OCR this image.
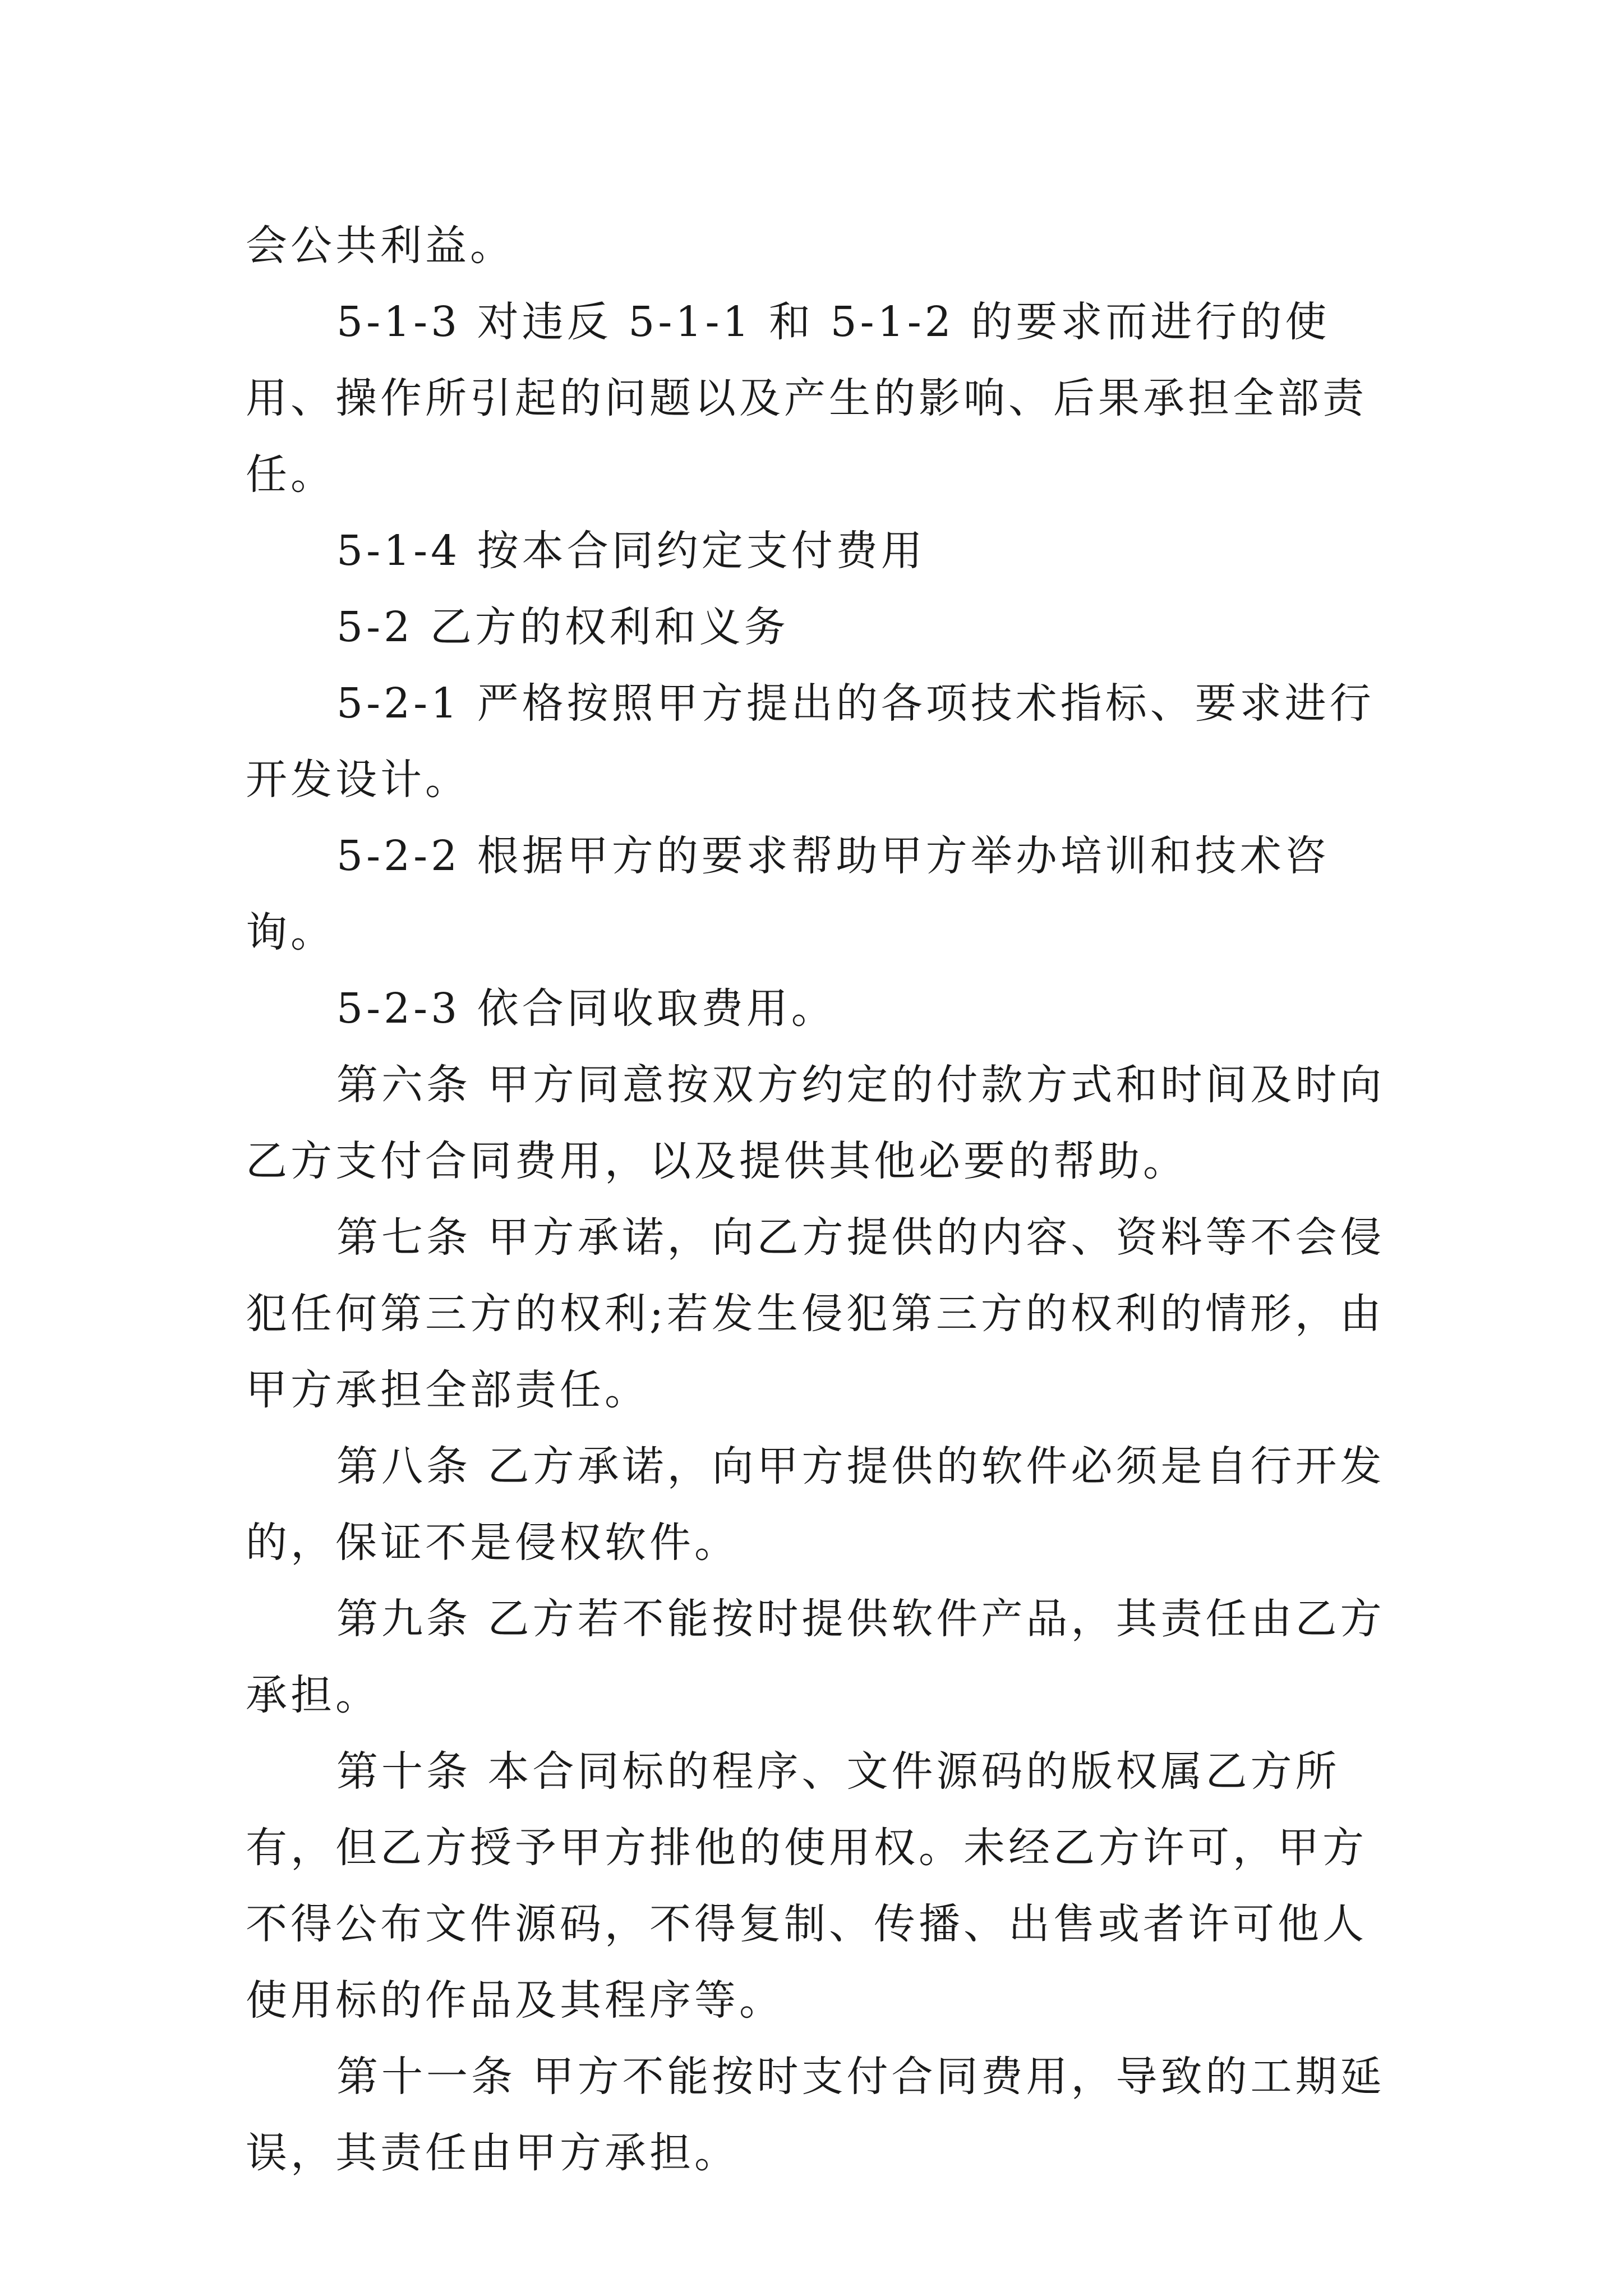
会公共利益。

5-1-3 对违反 5-1-1 和 5-1-2 的要求而进行的使用、操作所引起的问题以及产生的影响、后果承担全部责任。

5-1-4 按本合同约定支付费用

5-2 乙方的权利和义务

5-2-1 严格按照甲方提出的各项技术指标、要求进行开发设计。

5-2-2 根据甲方的要求帮助甲方举办培训和技术咨询。

5-2-3 依合同收取费用。

第六条 甲方同意按双方约定的付款方式和时间及时向乙方支付合同费用，以及提供其他必要的帮助。

第七条 甲方承诺，向乙方提供的内容、资料等不会侵犯任何第三方的权利;若发生侵犯第三方的权利的情形，由甲方承担全部责任。

第八条 乙方承诺，向甲方提供的软件必须是自行开发的，保证不是侵权软件。

第九条 乙方若不能按时提供软件产品，其责任由乙方承担。

第十条 本合同标的程序、文件源码的版权属乙方所有，但乙方授予甲方排他的使用权。未经乙方许可，甲方不得公布文件源码，不得复制、传播、出售或者许可他人使用标的作品及其程序等。

第十一条 甲方不能按时支付合同费用，导致的工期延误，其责任由甲方承担。
